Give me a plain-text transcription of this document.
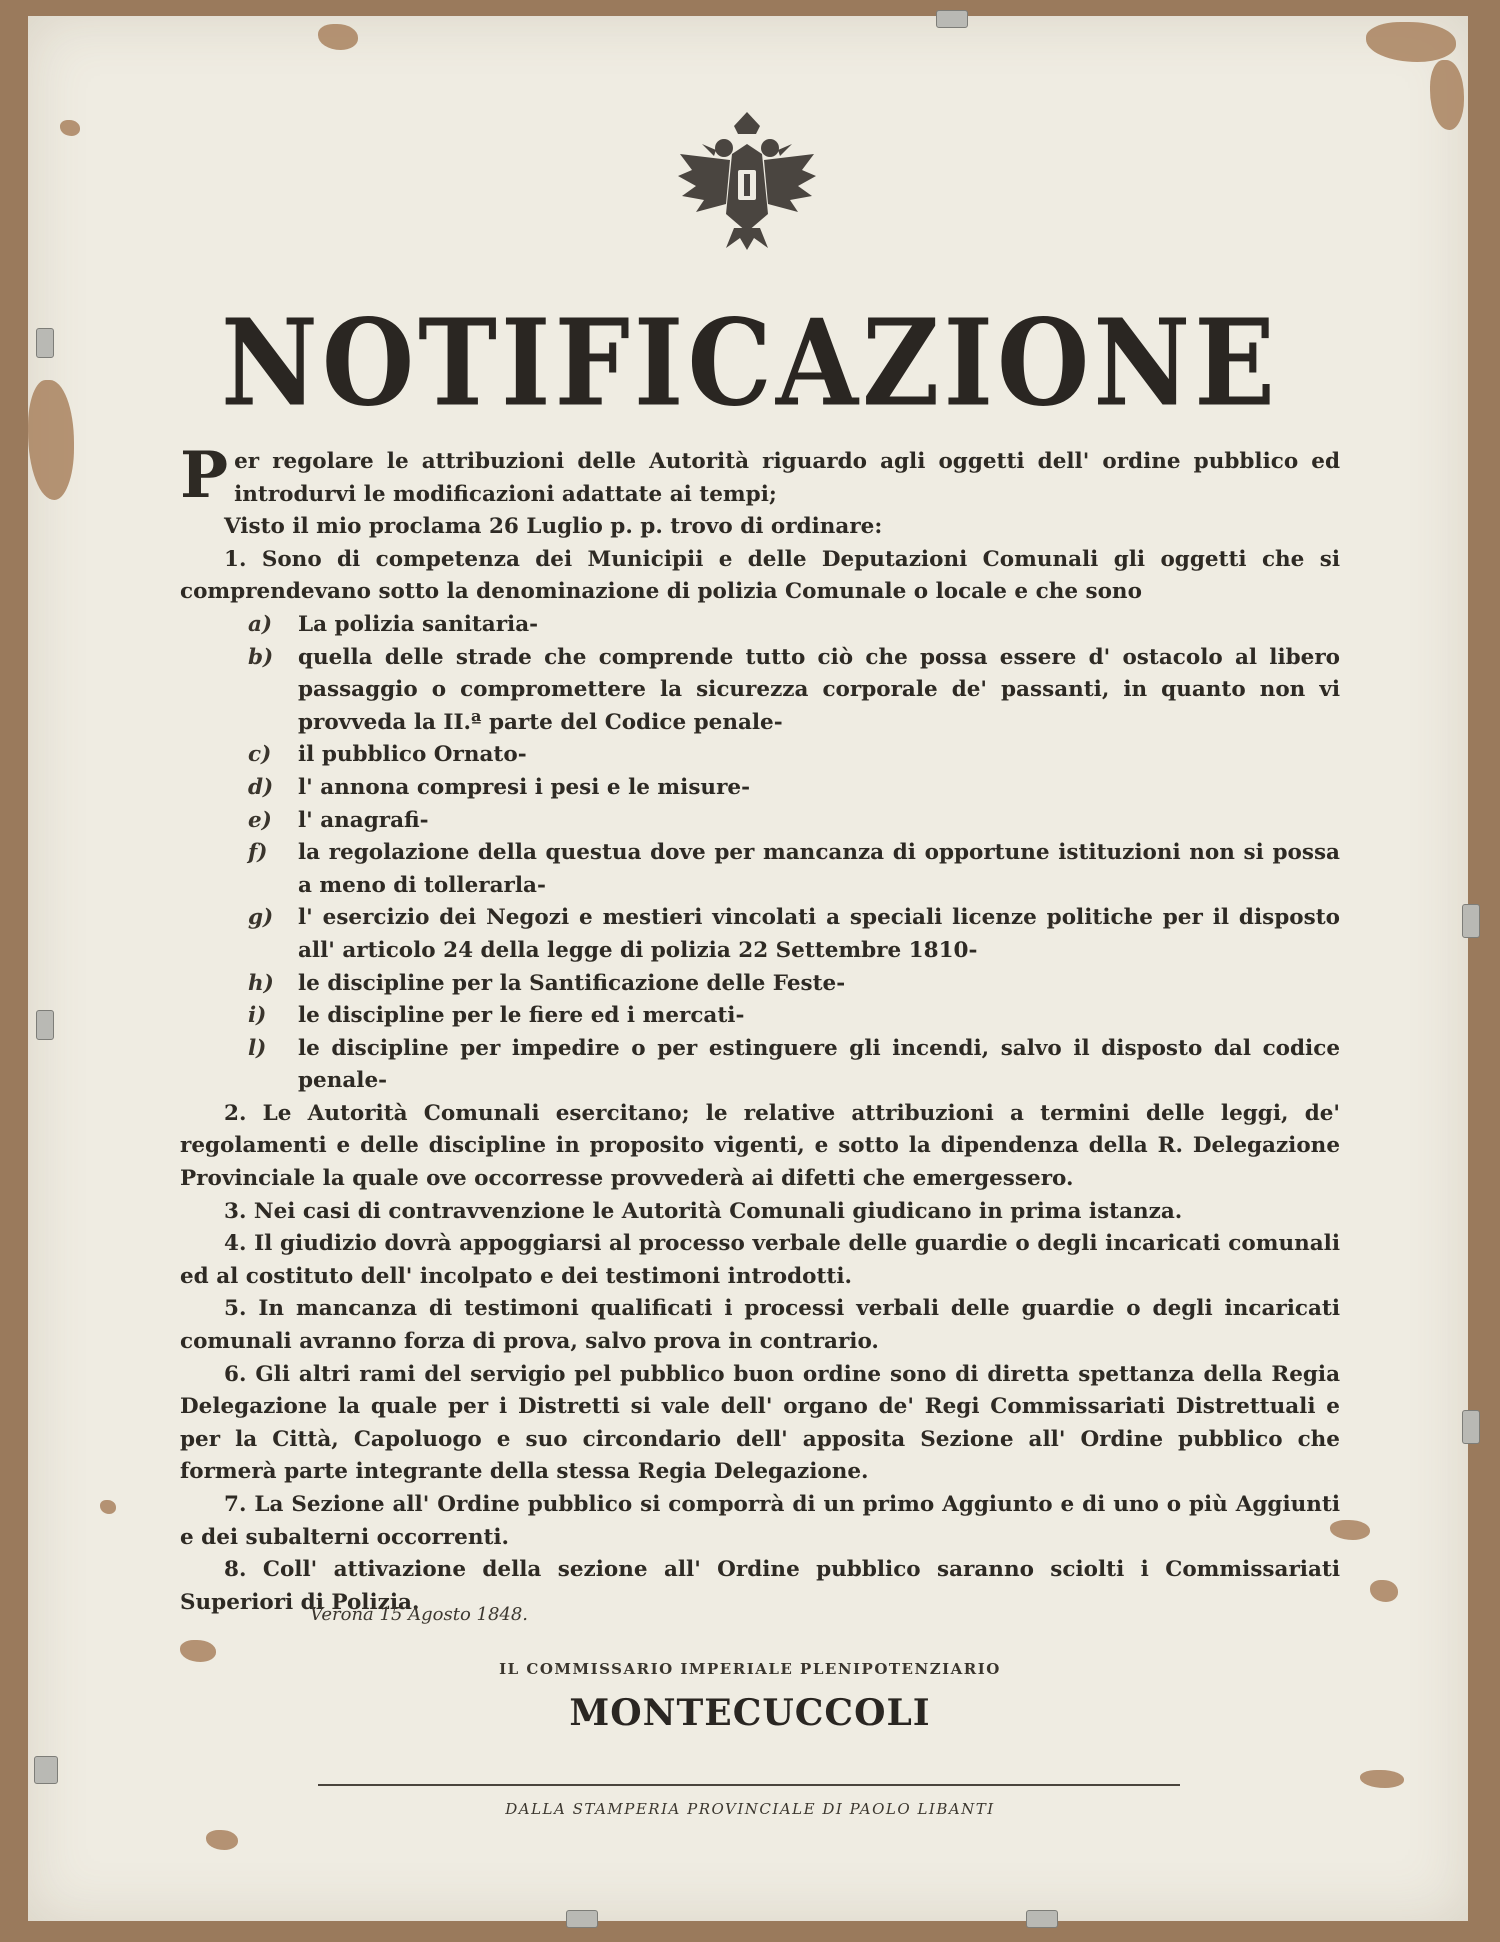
NOTIFICAZIONE

Per regolare le attribuzioni delle Autorità riguardo agli oggetti dell' ordine pubblico ed introdurvi le modificazioni adattate ai tempi;

Visto il mio proclama 26 Luglio p. p. trovo di ordinare:

1. Sono di competenza dei Municipii e delle Deputazioni Comunali gli oggetti che si comprendevano sotto la denominazione di polizia Comunale o locale e che sono

a) La polizia sanitaria-
b) quella delle strade che comprende tutto ciò che possa essere d' ostacolo al libero passaggio o compromettere la sicurezza corporale de' passanti, in quanto non vi provveda la II.ª parte del Codice penale-
c) il pubblico Ornato-
d) l' annona compresi i pesi e le misure-
e) l' anagrafi-
f) la regolazione della questua dove per mancanza di opportune istituzioni non si possa a meno di tollerarla-
g) l' esercizio dei Negozi e mestieri vincolati a speciali licenze politiche per il disposto all' articolo 24 della legge di polizia 22 Settembre 1810-
h) le discipline per la Santificazione delle Feste-
i) le discipline per le fiere ed i mercati-
l) le discipline per impedire o per estinguere gli incendi, salvo il disposto dal codice penale-

2. Le Autorità Comunali esercitano; le relative attribuzioni a termini delle leggi, de' regolamenti e delle discipline in proposito vigenti, e sotto la dipendenza della R. Delegazione Provinciale la quale ove occorresse provvederà ai difetti che emergessero.

3. Nei casi di contravvenzione le Autorità Comunali giudicano in prima istanza.

4. Il giudizio dovrà appoggiarsi al processo verbale delle guardie o degli incaricati comunali ed al costituto dell' incolpato e dei testimoni introdotti.

5. In mancanza di testimoni qualificati i processi verbali delle guardie o degli incaricati comunali avranno forza di prova, salvo prova in contrario.

6. Gli altri rami del servigio pel pubblico buon ordine sono di diretta spettanza della Regia Delegazione la quale per i Distretti si vale dell' organo de' Regi Commissariati Distrettuali e per la Città, Capoluogo e suo circondario dell' apposita Sezione all' Ordine pubblico che formerà parte integrante della stessa Regia Delegazione.

7. La Sezione all' Ordine pubblico si comporrà di un primo Aggiunto e di uno o più Aggiunti e dei subalterni occorrenti.

8. Coll' attivazione della sezione all' Ordine pubblico saranno sciolti i Commissariati Superiori di Polizia.

Verona 15 Agosto 1848.
IL COMMISSARIO IMPERIALE PLENIPOTENZIARIO
MONTECUCCOLI
DALLA STAMPERIA PROVINCIALE DI PAOLO LIBANTI
